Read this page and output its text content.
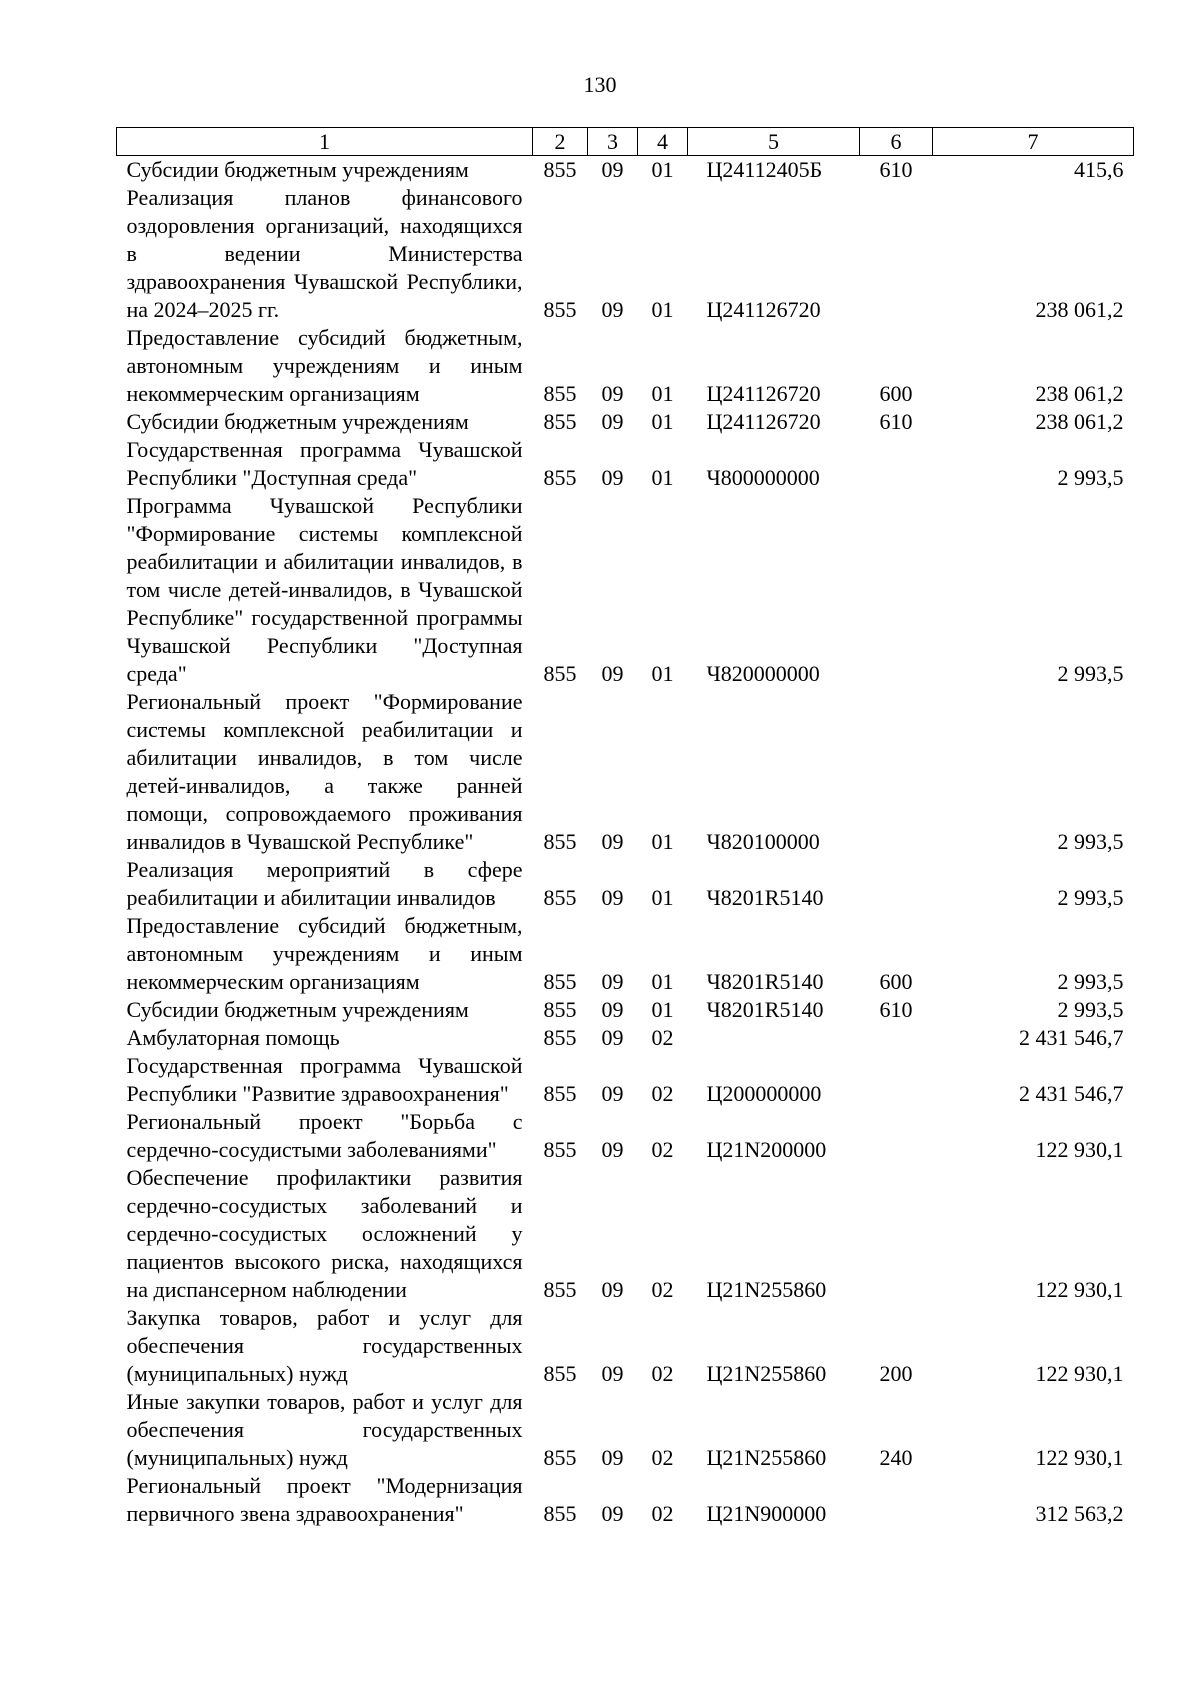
130
1	2	3	4	5	6	7
Субсидии бюджетным учреждениям	855	09	01	Ц24112405Б	610	415,6
Реализация планов финансового оздоровления организаций, находящихся в ведении Министерства здравоохранения Чувашской Республики, на 2024–2025 гг.	855	09	01	Ц241126720		238 061,2
Предоставление субсидий бюджетным, автономным учреждениям и иным некоммерческим организациям	855	09	01	Ц241126720	600	238 061,2
Субсидии бюджетным учреждениям	855	09	01	Ц241126720	610	238 061,2
Государственная программа Чувашской Республики "Доступная среда"	855	09	01	Ч800000000		2 993,5
Программа Чувашской Республики "Формирование системы комплексной реабилитации и абилитации инвалидов, в том числе детей-инвалидов, в Чувашской Республике" государственной программы Чувашской Республики "Доступная среда"	855	09	01	Ч820000000		2 993,5
Региональный проект "Формирование системы комплексной реабилитации и абилитации инвалидов, в том числе детей-инвалидов, а также ранней помощи, сопровождаемого проживания инвалидов в Чувашской Республике"	855	09	01	Ч820100000		2 993,5
Реализация мероприятий в сфере реабилитации и абилитации инвалидов	855	09	01	Ч8201R5140		2 993,5
Предоставление субсидий бюджетным, автономным учреждениям и иным некоммерческим организациям	855	09	01	Ч8201R5140	600	2 993,5
Субсидии бюджетным учреждениям	855	09	01	Ч8201R5140	610	2 993,5
Амбулаторная помощь	855	09	02			2 431 546,7
Государственная программа Чувашской Республики "Развитие здравоохранения"	855	09	02	Ц200000000		2 431 546,7
Региональный проект "Борьба с сердечно-сосудистыми заболеваниями"	855	09	02	Ц21N200000		122 930,1
Обеспечение профилактики развития сердечно-сосудистых заболеваний и сердечно-сосудистых осложнений у пациентов высокого риска, находящихся на диспансерном наблюдении	855	09	02	Ц21N255860		122 930,1
Закупка товаров, работ и услуг для обеспечения государственных (муниципальных) нужд	855	09	02	Ц21N255860	200	122 930,1
Иные закупки товаров, работ и услуг для обеспечения государственных (муниципальных) нужд	855	09	02	Ц21N255860	240	122 930,1
Региональный проект "Модернизация первичного звена здравоохранения"	855	09	02	Ц21N900000		312 563,2
